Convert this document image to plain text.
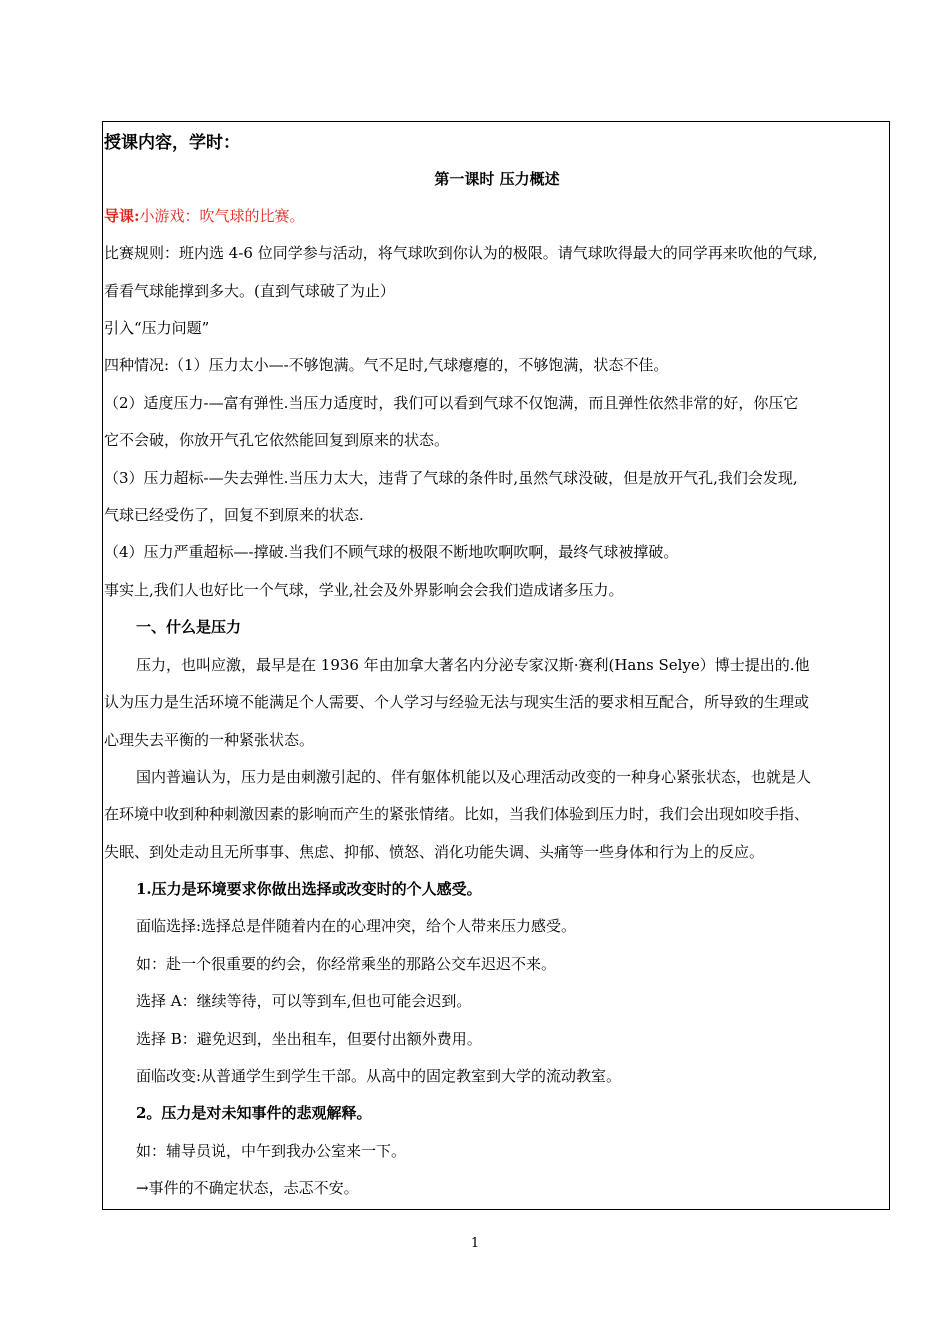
授课内容，学时：
第一课时 压力概述
导课:小游戏：吹气球的比赛。
比赛规则：班内选 4-6 位同学参与活动，将气球吹到你认为的极限。请气球吹得最大的同学再来吹他的气球,
看看气球能撑到多大。(直到气球破了为止）
引入“压力问题”
四种情况:（1）压力太小—-不够饱满。气不足时,气球瘪瘪的，不够饱满，状态不佳。
（2）适度压力-—富有弹性.当压力适度时，我们可以看到气球不仅饱满，而且弹性依然非常的好，你压它
它不会破，你放开气孔它依然能回复到原来的状态。
（3）压力超标-—失去弹性.当压力太大，违背了气球的条件时,虽然气球没破，但是放开气孔,我们会发现,
气球已经受伤了，回复不到原来的状态.
（4）压力严重超标—-撑破.当我们不顾气球的极限不断地吹啊吹啊，最终气球被撑破。
事实上,我们人也好比一个气球，学业,社会及外界影响会会我们造成诸多压力。
一、什么是压力
压力，也叫应激，最早是在 1936 年由加拿大著名内分泌专家汉斯·赛利(Hans Selye）博士提出的.他
认为压力是生活环境不能满足个人需要、个人学习与经验无法与现实生活的要求相互配合，所导致的生理或
心理失去平衡的一种紧张状态。
国内普遍认为，压力是由刺激引起的、伴有躯体机能以及心理活动改变的一种身心紧张状态，也就是人
在环境中收到种种刺激因素的影响而产生的紧张情绪。比如，当我们体验到压力时，我们会出现如咬手指、
失眠、到处走动且无所事事、焦虑、抑郁、愤怒、消化功能失调、头痛等一些身体和行为上的反应。
1.压力是环境要求你做出选择或改变时的个人感受。
面临选择:选择总是伴随着内在的心理冲突，给个人带来压力感受。
如：赴一个很重要的约会，你经常乘坐的那路公交车迟迟不来。
选择 A：继续等待，可以等到车,但也可能会迟到。
选择 B：避免迟到，坐出租车，但要付出额外费用。
面临改变:从普通学生到学生干部。从高中的固定教室到大学的流动教室。
2。压力是对未知事件的悲观解释。
如：辅导员说，中午到我办公室来一下。
→事件的不确定状态，忐忑不安。
1
